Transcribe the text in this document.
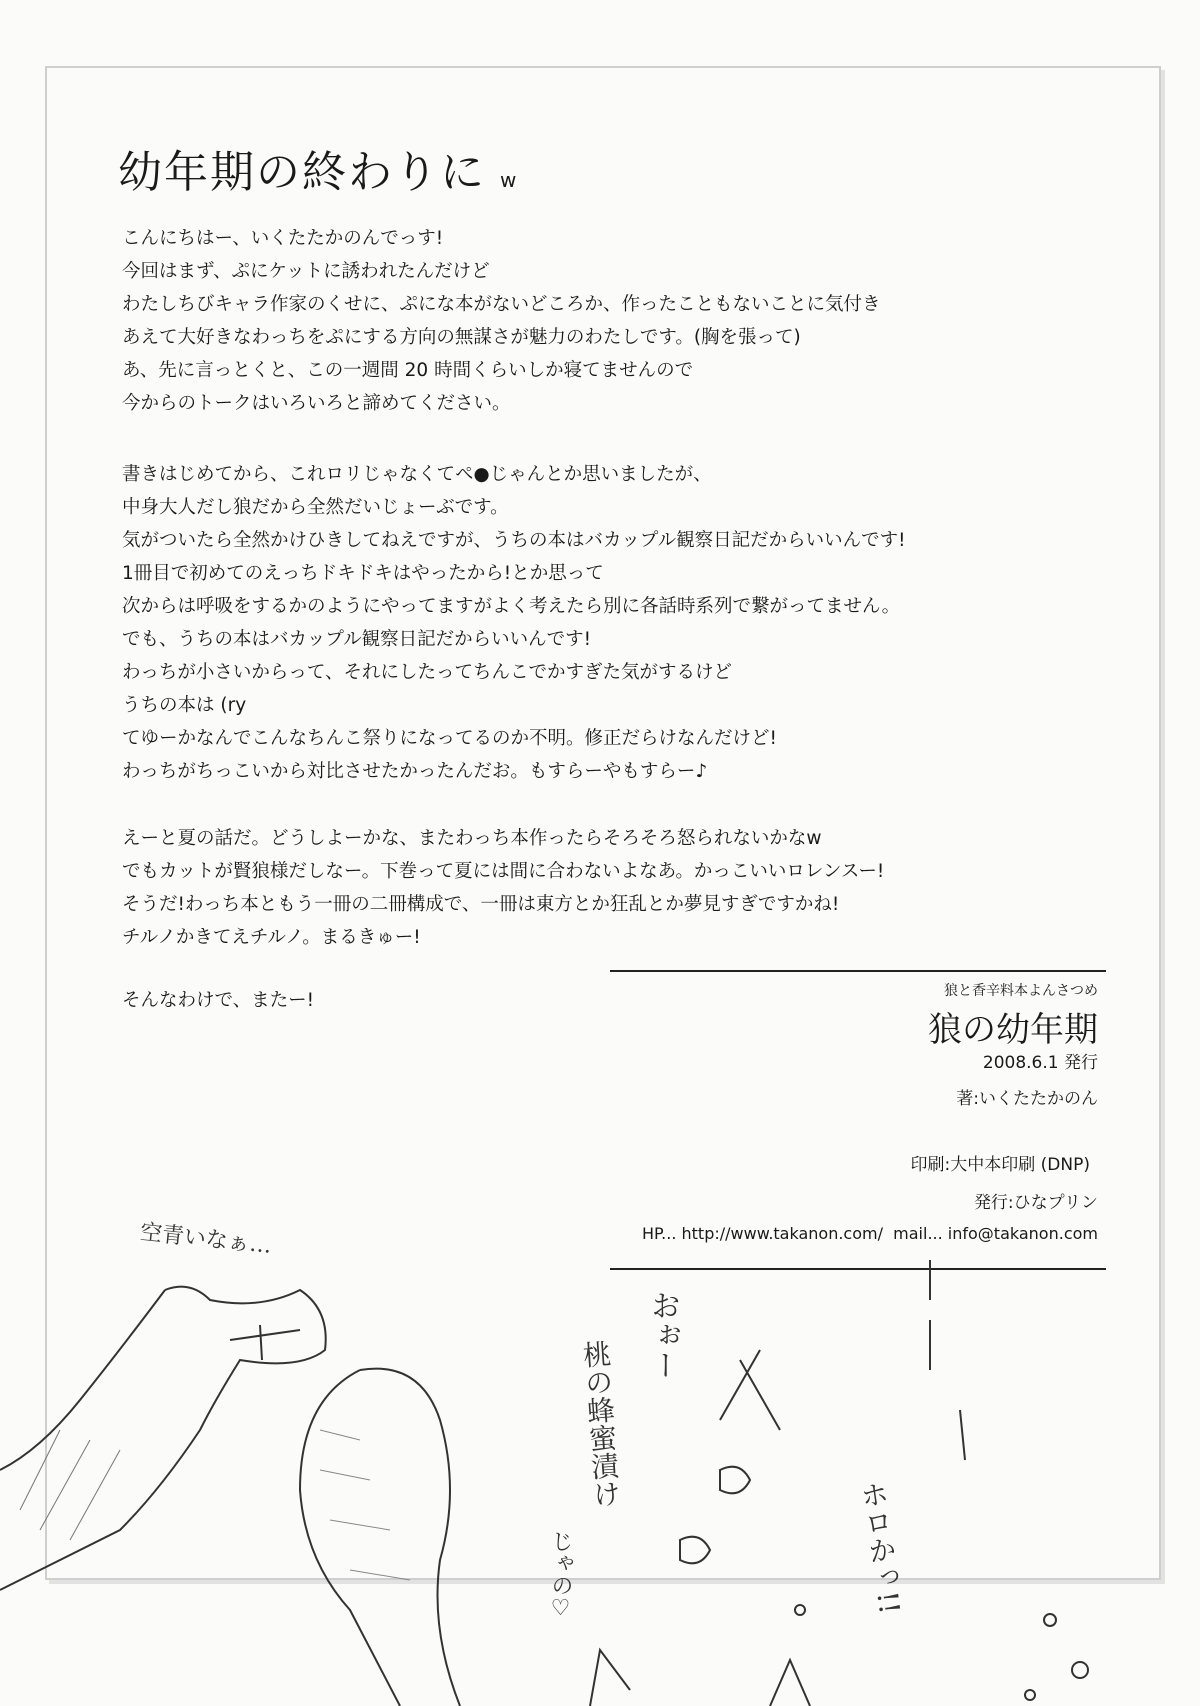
幼年期の終わりに w
こんにちはー、いくたたかのんでっす!
今回はまず、ぷにケットに誘われたんだけど
わたしちびキャラ作家のくせに、ぷにな本がないどころか、作ったこともないことに気付き
あえて大好きなわっちをぷにする方向の無謀さが魅力のわたしです。(胸を張って)
あ、先に言っとくと、この一週間 20 時間くらいしか寝てませんので
今からのトークはいろいろと諦めてください。
書きはじめてから、これロリじゃなくてペ●じゃんとか思いましたが、
中身大人だし狼だから全然だいじょーぶです。
気がついたら全然かけひきしてねえですが、うちの本はバカップル観察日記だからいいんです!
1冊目で初めてのえっちドキドキはやったから!とか思って
次からは呼吸をするかのようにやってますがよく考えたら別に各話時系列で繋がってません。
でも、うちの本はバカップル観察日記だからいいんです!
わっちが小さいからって、それにしたってちんこでかすぎた気がするけど
うちの本は (ry
てゆーかなんでこんなちんこ祭りになってるのか不明。修正だらけなんだけど!
わっちがちっこいから対比させたかったんだお。もすらーやもすらー♪
えーと夏の話だ。どうしよーかな、またわっち本作ったらそろそろ怒られないかなw
でもカットが賢狼様だしなー。下巻って夏には間に合わないよなあ。かっこいいロレンスー!
そうだ!わっち本ともう一冊の二冊構成で、一冊は東方とか狂乱とか夢見すぎですかね!
チルノかきてえチルノ。まるきゅー!
そんなわけで、またー!	狼と香辛料本よんさつめ
狼の幼年期
2008.6.1 発行
著:いくたたかのん
印刷:大中本印刷 (DNP)
発行:ひなプリン
HP... http://www.takanon.com/  mail... info@takanon.com
空青いなぁ…
おぉー
桃の蜂蜜漬け
じゃの♡	ホロかっ!!
